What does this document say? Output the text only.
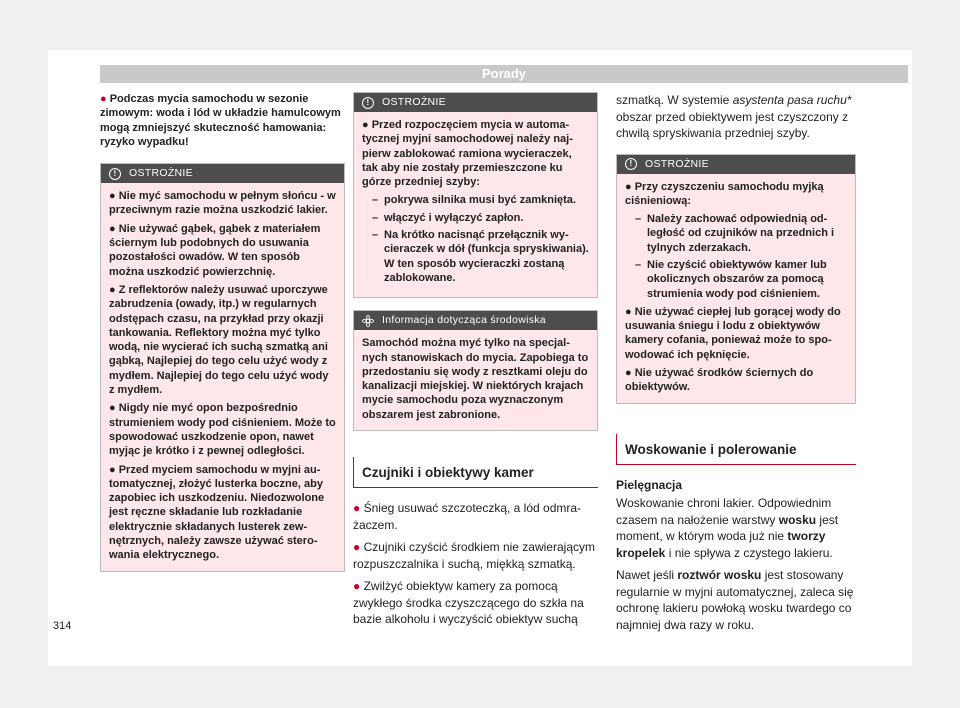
Porady
● Podczas mycia samochodu w sezonie zimowym: woda i lód w układzie hamulcowym mogą zmniejszyć skuteczność hamowania: ryzyko wypadku!
!	OSTROŻNIE

● Nie myć samochodu w pełnym słońcu - w przeciwnym razie można uszkodzić lakier.

● Nie używać gąbek, gąbek z materiałem ściernym lub podobnych do usuwania pozostałości owadów. W ten sposób można uszkodzić powierzchnię.

● Z reflektorów należy usuwać uporczywe zabrudzenia (owady, itp.) w regularnych odstępach czasu, na przykład przy okazji tankowania. Reflektory można myć tylko wodą, nie wycierać ich suchą szmatką ani gąbką, Najlepiej do tego celu użyć wody z mydłem. Najlepiej do tego celu użyć wody z mydłem.

● Nigdy nie myć opon bezpośrednio strumieniem wody pod ciśnieniem. Może to spowodować uszkodzenie opon, nawet myjąc je krótko i z pewnej odległości.

● Przed myciem samochodu w myjni automatycznej, złożyć lusterka boczne, aby zapobiec ich uszkodzeniu. Niedozwolone jest ręczne składanie lub rozkładanie elektrycznie składanych lusterek zewnętrznych, należy zawsze używać sterowania elektrycznego.

!	OSTROŻNIE

● Przed rozpoczęciem mycia w automatycznej myjni samochodowej należy najpierw zablokować ramiona wycieraczek, tak aby nie zostały przemieszczone ku górze przedniej szyby:

– pokrywa silnika musi być zamknięta.
– włączyć i wyłączyć zapłon.
– Na krótko nacisnąć przełącznik wycieraczek w dół (funkcja spryskiwania). W ten sposób wycieraczki zostaną zablokowane.
Informacja dotycząca środowiska

Samochód można myć tylko na specjalnych stanowiskach do mycia. Zapobiega to przedostaniu się wody z resztkami oleju do kanalizacji miejskiej. W niektórych krajach mycie samochodu poza wyznaczonym obszarem jest zabronione.

Czujniki i obiektywy kamer

● Śnieg usuwać szczoteczką, a lód odmrażaczem.

● Czujniki czyścić środkiem nie zawierającym rozpuszczalnika i suchą, miękką szmatką.

● Zwilżyć obiektyw kamery za pomocą zwykłego środka czyszczącego do szkła na bazie alkoholu i wyczyścić obiektyw suchą

szmatką. W systemie asystenta pasa ruchu* obszar przed obiektywem jest czyszczony z chwilą spryskiwania przedniej szyby.

!	OSTROŻNIE

● Przy czyszczeniu samochodu myjką ciśnieniową:

– Należy zachować odpowiednią odległość od czujników na przednich i tylnych zderzakach.
– Nie czyścić obiektywów kamer lub okolicznych obszarów za pomocą strumienia wody pod ciśnieniem.

● Nie używać ciepłej lub gorącej wody do usuwania śniegu i lodu z obiektywów kamery cofania, ponieważ może to spowodować ich pęknięcie.

● Nie używać środków ściernych do obiektywów.

Woskowanie i polerowanie

Pielęgnacja

Woskowanie chroni lakier. Odpowiednim czasem na nałożenie warstwy wosku jest moment, w którym woda już nie tworzy kropelek i nie spływa z czystego lakieru.

Nawet jeśli roztwór wosku jest stosowany regularnie w myjni automatycznej, zaleca się ochronę lakieru powłoką wosku twardego co najmniej dwa razy w roku.

314
